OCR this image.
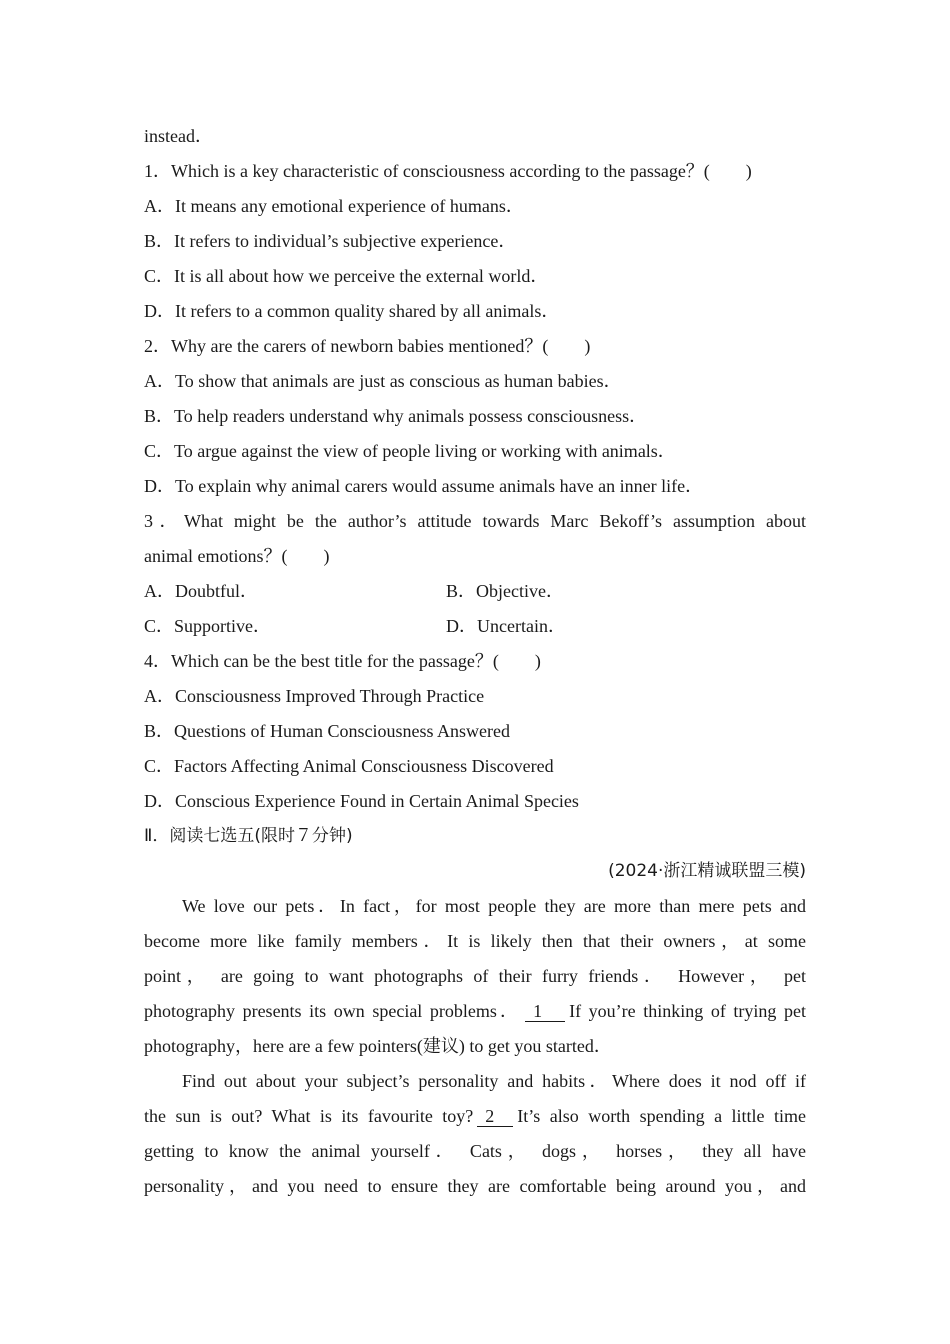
instead．
1．Which is a key characteristic of consciousness according to the passage？(　　)
A．It means any emotional experience of humans．
B．It refers to individual’s subjective experience．
C．It is all about how we perceive the external world．
D．It refers to a common quality shared by all animals．
2．Why are the carers of newborn babies mentioned？(　　)
A．To show that animals are just as conscious as human babies．
B．To help readers understand why animals possess consciousness．
C．To argue against the view of people living or working with animals．
D．To explain why animal carers would assume animals have an inner life．
3．What might be the author’s attitude towards Marc Bekoff’s assumption about
animal emotions？(　　)
A．Doubtful．	B．Objective．
C．Supportive．	D．Uncertain．
4．Which can be the best title for the passage？(　　)
A．Consciousness Improved Through Practice
B．Questions of Human Consciousness Answered
C．Factors Affecting Animal Consciousness Discovered
D．Conscious Experience Found in Certain Animal Species
Ⅱ．阅读七选五(限时７分钟)
(2024·浙江精诚联盟三模)
We love our pets．In fact，for most people they are more than mere pets and
become more like family members．It is likely then that their owners，at some
point， are going to want photographs of their furry friends． However， pet
photography presents its own special problems． 1 If you’re thinking of trying pet
photography，here are a few pointers(建议) to get you started．
Find out about your subject’s personality and habits．Where does it nod off if
the sun is out? What is its favourite toy? 2 It’s also worth spending a little time
getting to know the animal yourself． Cats， dogs， horses， they all have
personality，and you need to ensure they are comfortable being around you，and
